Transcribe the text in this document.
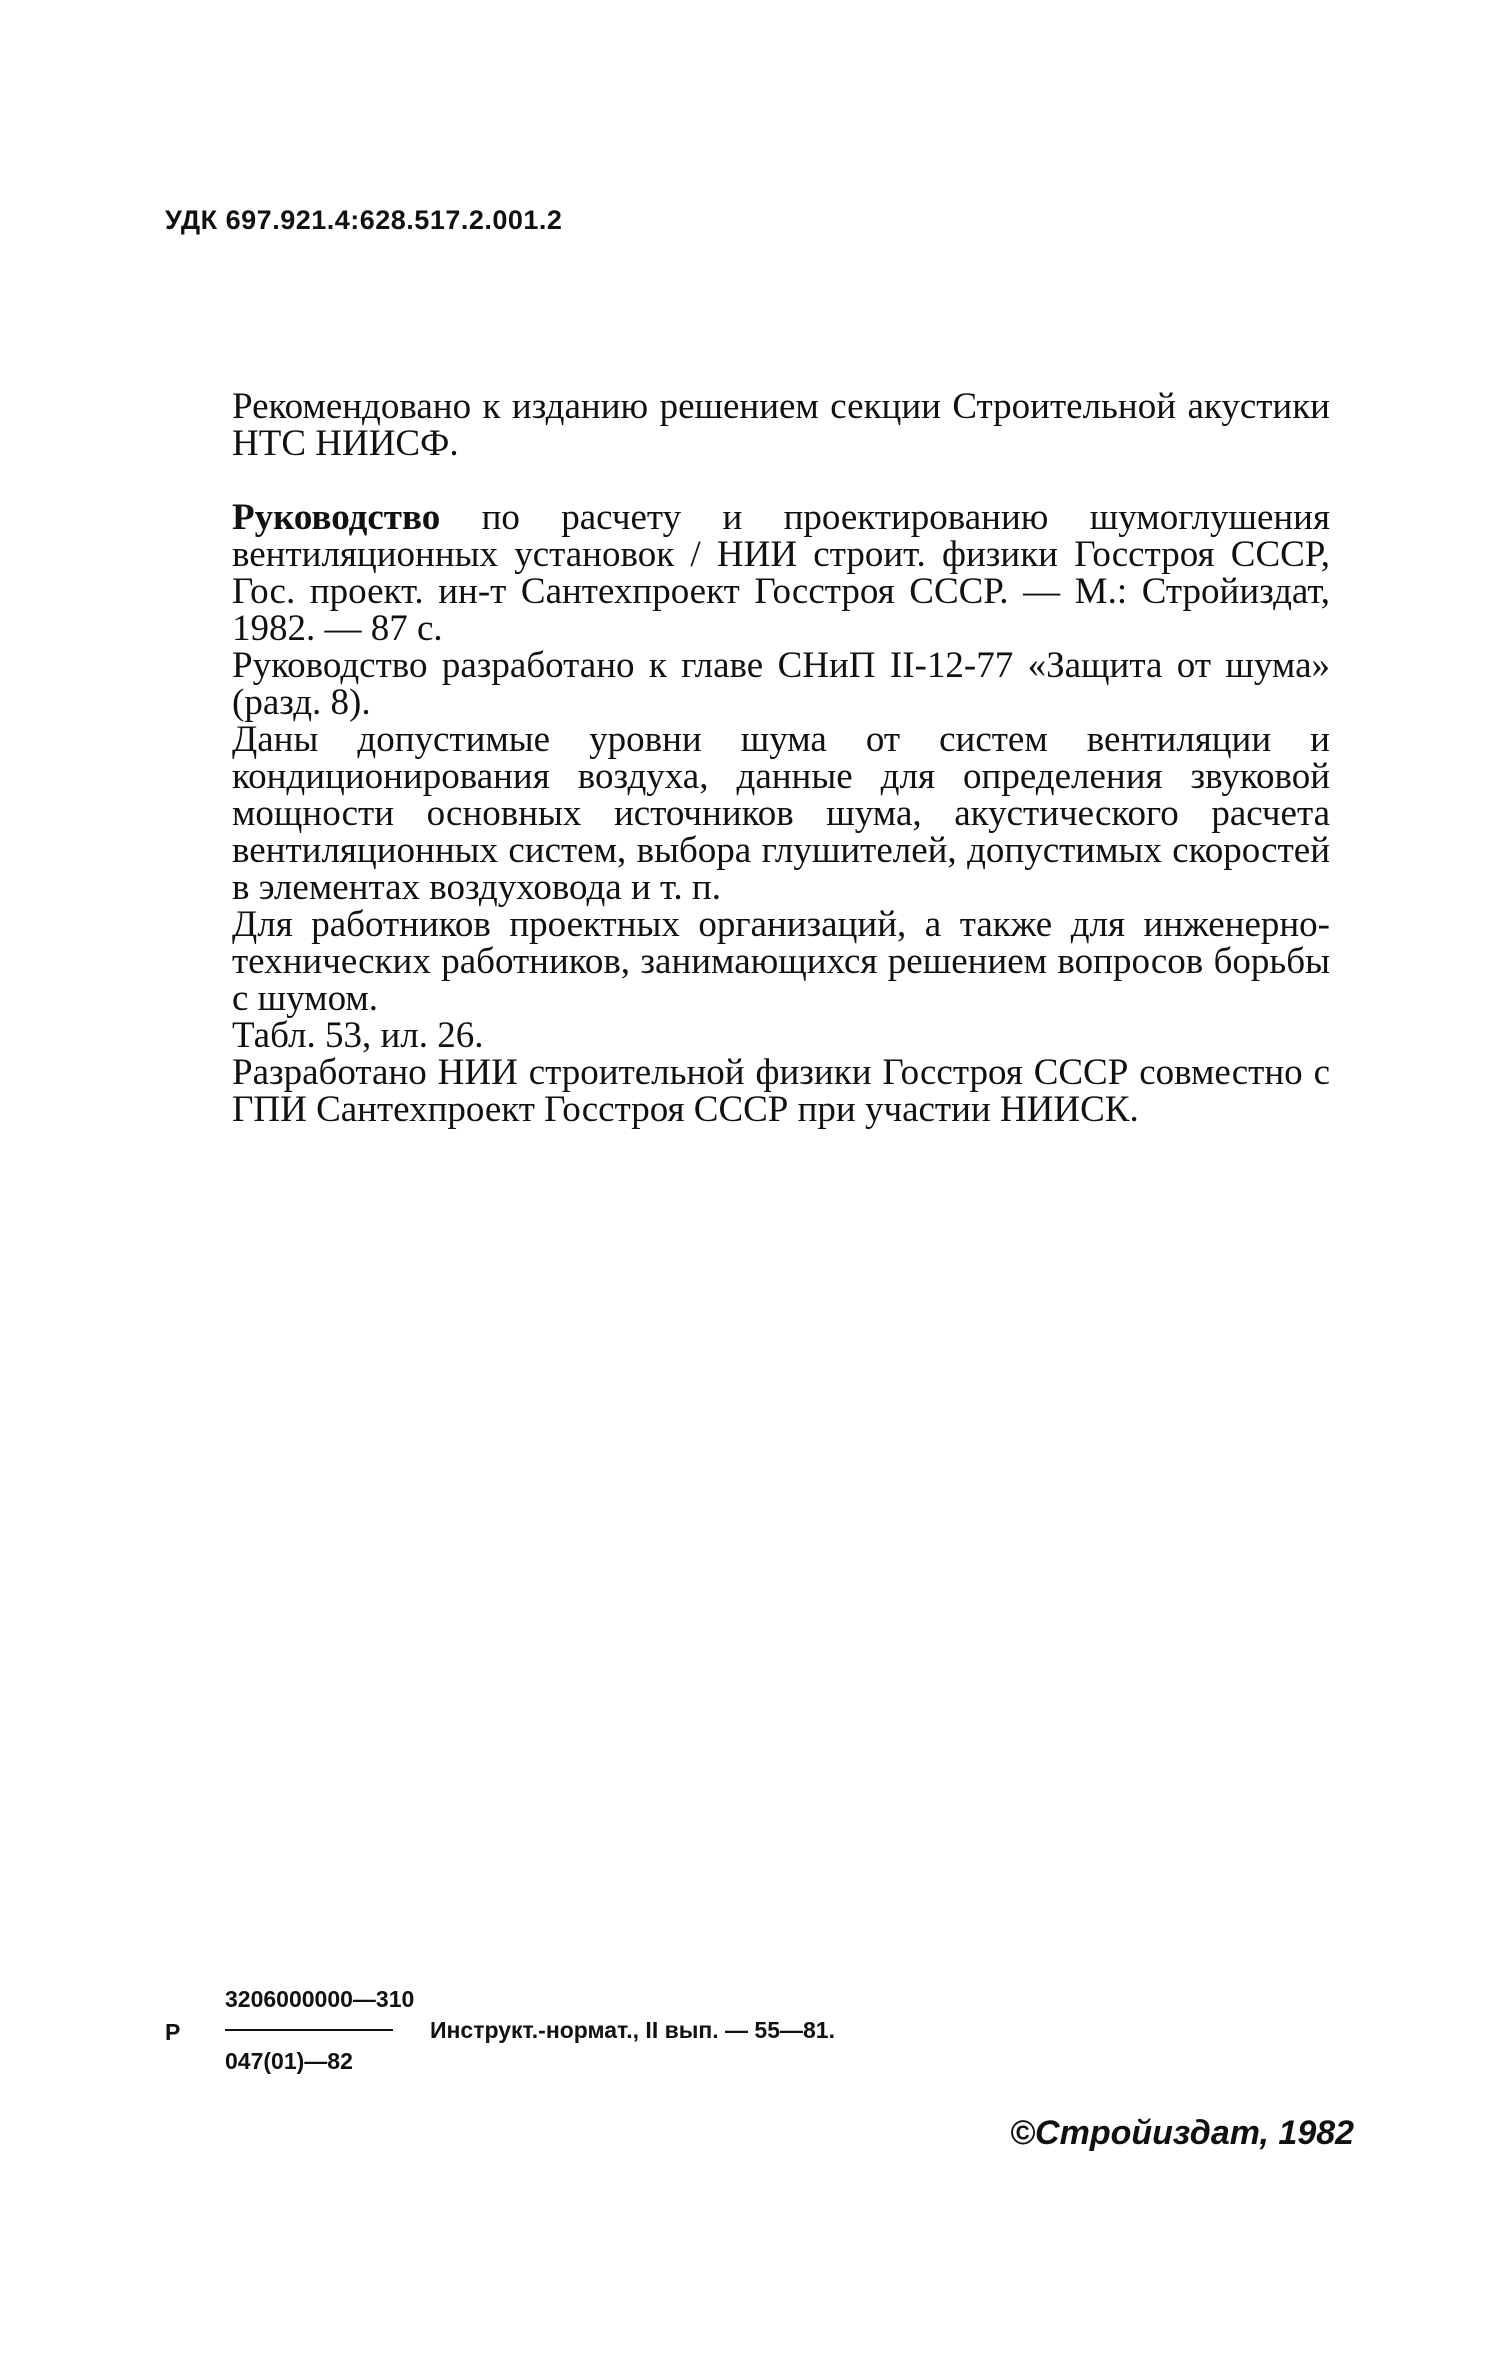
УДК 697.921.4:628.517.2.001.2

Рекомендовано к изданию решением секции Строительной акустики НТС НИИСФ.

Руководство по расчету и проектированию шумоглушения вентиляционных установок / НИИ строит. физики Госстроя СССР, Гос. проект. ин-т Сантехпроект Госстроя СССР. — М.: Стройиздат, 1982. — 87 с.

Руководство разработано к главе СНиП II-12-77 «Защита от шума» (разд. 8).

Даны допустимые уровни шума от систем вентиляции и кондиционирования воздуха, данные для определения звуковой мощности основных источников шума, акустического расчета вентиляционных систем, выбора глушителей, допустимых скоростей в элементах воздуховода и т. п.

Для работников проектных организаций, а также для инженерно-технических работников, занимающихся решением вопросов борьбы с шумом.

Табл. 53, ил. 26.

Разработано НИИ строительной физики Госстроя СССР совместно с ГПИ Сантехпроект Госстроя СССР при участии НИИСК.

Р
3206000000—310
047(01)—82
Инструкт.-нормат., II вып. — 55—81.
©Стройиздат, 1982
